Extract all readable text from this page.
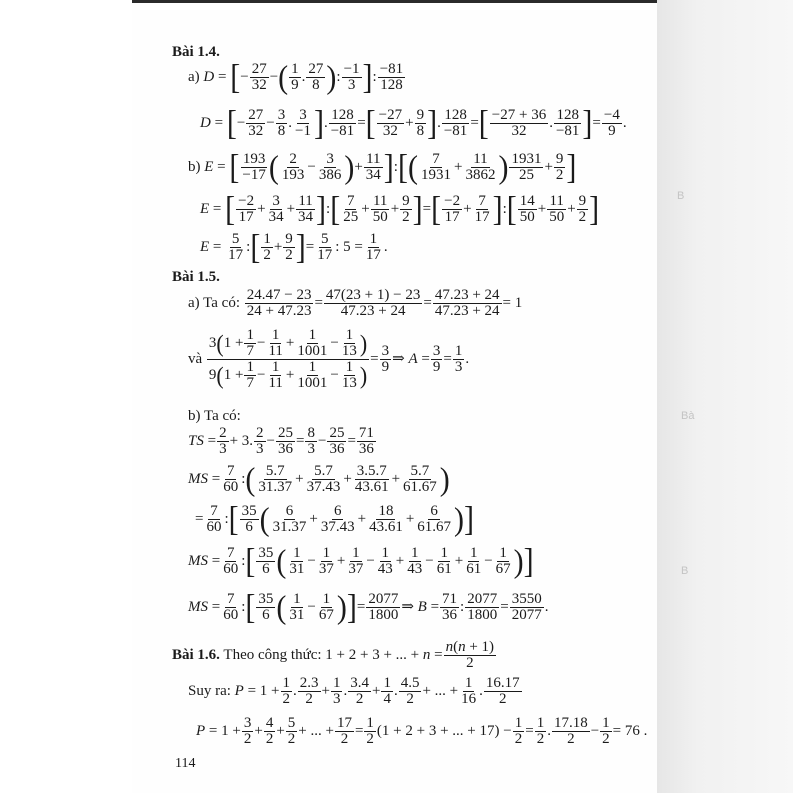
B
Bà
B
Bài 1.4.
a) D = [− $\frac{27}{32}$ −( $\frac{1}{9}$ . $\frac{27}{8}$ ): $\frac{-1}{3}$ ]: $\frac{-81}{128}$
D = [− $\frac{27}{32} - \frac{3}{8}$ . $\frac{3}{-1}$ ]. $\frac{128}{-81}$ =[ $\frac{-27}{32} + \frac{9}{8}$ ]. $\frac{128}{-81}$ =[ $\frac{-27 + 36}{32}$ . $\frac{128}{-81}$ ]= $\frac{-4}{9}$ .
b) E = [ $\frac{193}{-17}$ ( $\frac{2}{193} - \frac{3}{386}$ )+ $\frac{11}{34}$ ]:[( $\frac{7}{1931} + \frac{11}{3862}$ ) $\frac{1931}{25} + \frac{9}{2}$ ]
E = [ $\frac{-2}{17} + \frac{3}{34} + \frac{11}{34}$ ]:[ $\frac{7}{25} + \frac{11}{50} + \frac{9}{2}$ ]=[ $\frac{-2}{17} + \frac{7}{17}$ ]:[ $\frac{14}{50} + \frac{11}{50} + \frac{9}{2}$ ]
$E = \frac{5}{17}$ :[ $\frac{1}{2} + \frac{9}{2}$ ]= $\frac{5}{17}$ : $5 = \frac{1}{17}$ .
Bài 1.5.
a) Ta có: $\frac{24.47 - 23}{24 + 47.23} = \frac{47(23 + 1) - 23}{47.23 + 24} = \frac{47.23 + 24}{47.23 + 24} = 1$
và $\frac{3(1 + \frac{1}{7} - \frac{1}{11} + \frac{1}{1001} - \frac{1}{13} )}{9(1 + \frac{1}{7} - \frac{1}{11} + \frac{1}{1001} - \frac{1}{13} )} = \frac{3}{9}$ ⇒ $A = \frac{3}{9} = \frac{1}{3}$ .
b) Ta có:
TS = $\frac{2}{3} + 3$. $\frac{2}{3} - \frac{25}{36} = \frac{8}{3} - \frac{25}{36} = \frac{71}{36}$
MS = $\frac{7}{60}$ :( $\frac{5.7}{31.37} + \frac{5.7}{37.43} + \frac{3.5.7}{43.61} + \frac{5.7}{61.67}$ )
= $\frac{7}{60}$ :[ $\frac{35}{6}$ ( $\frac{6}{31.37} + \frac{6}{37.43} + \frac{18}{43.61} + \frac{6}{61.67}$ )]
MS = $\frac{7}{60}$ :[ $\frac{35}{6}$ ( $\frac{1}{31} - \frac{1}{37} + \frac{1}{37} - \frac{1}{43} + \frac{1}{43} - \frac{1}{61} + \frac{1}{61} - \frac{1}{67}$ )]
MS = $\frac{7}{60}$ :[ $\frac{35}{6}$ ( $\frac{1}{31} - \frac{1}{67}$ )]= $\frac{2077}{1800}$ ⇒ $B = \frac{71}{36}$ : $\frac{2077}{1800} = \frac{3550}{2077}$ .
Bài 1.6. Theo công thức: 1 + 2 + 3 + ... + $n = \frac{n(n + 1)}{2}$
Suy ra: $P = 1 + \frac{1}{2}$ . $\frac{2.3}{2} + \frac{1}{3}$ . $\frac{3.4}{2} + \frac{1}{4}$ . $\frac{4.5}{2}$ + ... + $\frac{1}{16}$ . $\frac{16.17}{2}$
$P = 1 + \frac{3}{2} + \frac{4}{2} + \frac{5}{2}$ + ... + $\frac{17}{2} = \frac{1}{2} (1 + 2 + 3$ + ... + $17) - \frac{1}{2} = \frac{1}{2}$ . $\frac{17.18}{2} - \frac{1}{2} = 76$ .
114
